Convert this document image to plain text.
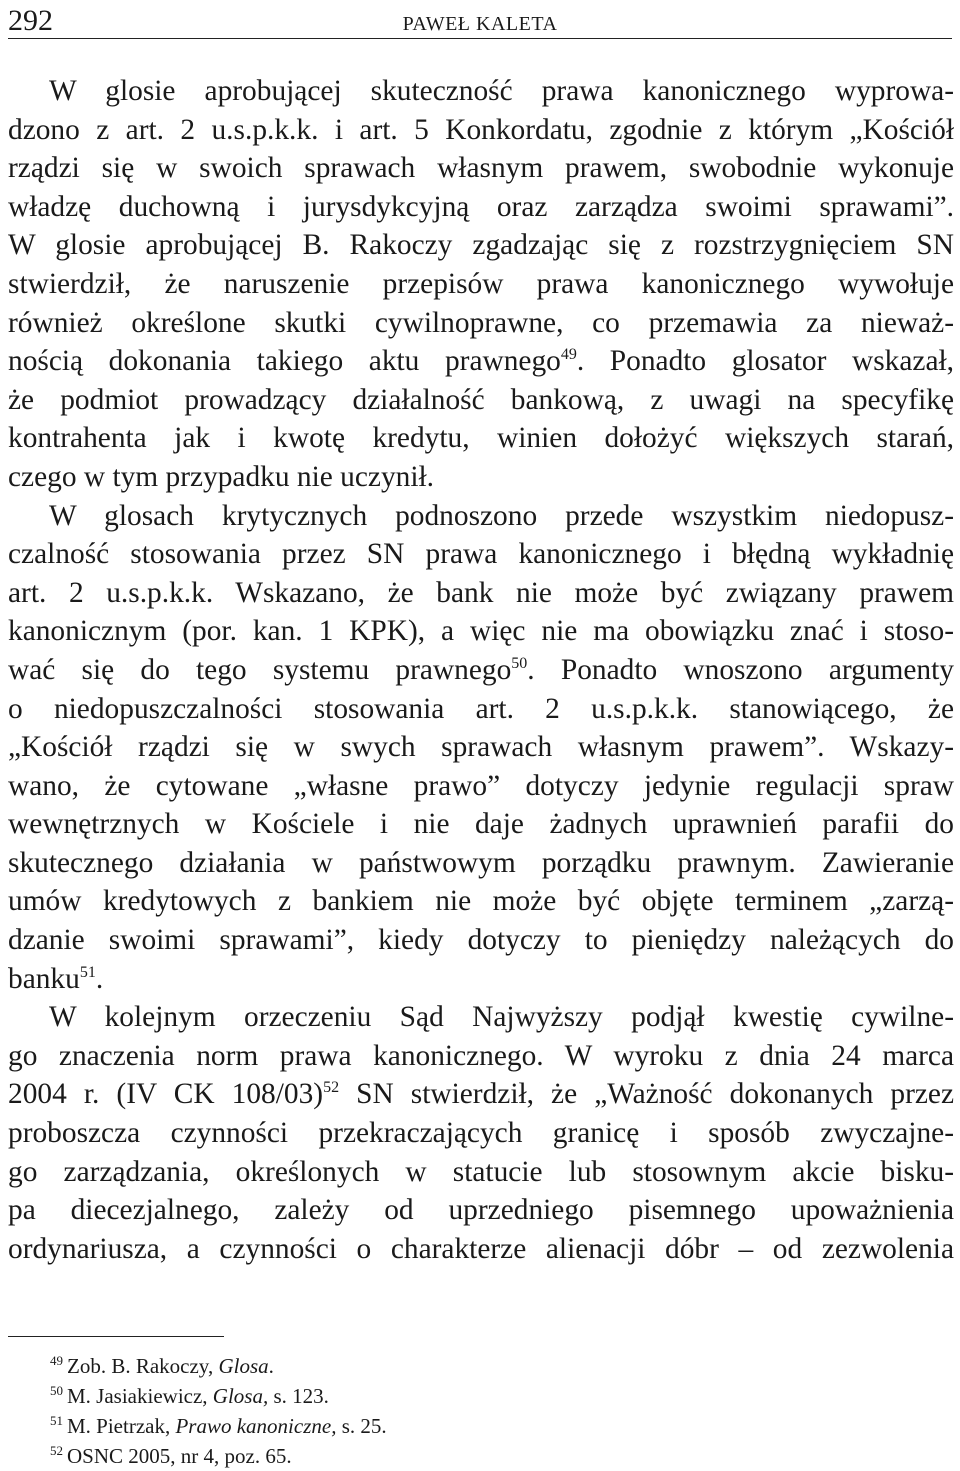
292	PAWEŁ KALETA
W glosie aprobującej skuteczność prawa kanonicznego wyprowa-
dzono z art. 2 u.s.p.k.k. i art. 5 Konkordatu, zgodnie z którym „Kościół
rządzi się w swoich sprawach własnym prawem, swobodnie wykonuje
władzę duchowną i jurysdykcyjną oraz zarządza swoimi sprawami”.
W glosie aprobującej B. Rakoczy zgadzając się z rozstrzygnięciem SN
stwierdził, że naruszenie przepisów prawa kanonicznego wywołuje
również określone skutki cywilnoprawne, co przemawia za nieważ-
nością dokonania takiego aktu prawnego$^{49}$. Ponadto glosator wskazał,
że podmiot prowadzący działalność bankową, z uwagi na specyfikę
kontrahenta jak i kwotę kredytu, winien dołożyć większych starań,
czego w tym przypadku nie uczynił.
W glosach krytycznych podnoszono przede wszystkim niedopusz-
czalność stosowania przez SN prawa kanonicznego i błędną wykładnię
art. 2 u.s.p.k.k. Wskazano, że bank nie może być związany prawem
kanonicznym (por. kan. 1 KPK), a więc nie ma obowiązku znać i stoso-
wać się do tego systemu prawnego$^{50}$. Ponadto wnoszono argumenty
o niedopuszczalności stosowania art. 2 u.s.p.k.k. stanowiącego, że
„Kościół rządzi się w swych sprawach własnym prawem”. Wskazy-
wano, że cytowane „własne prawo” dotyczy jedynie regulacji spraw
wewnętrznych w Kościele i nie daje żadnych uprawnień parafii do
skutecznego działania w państwowym porządku prawnym. Zawieranie
umów kredytowych z bankiem nie może być objęte terminem „zarzą-
dzanie swoimi sprawami”, kiedy dotyczy to pieniędzy należących do
banku$^{51}$.
W kolejnym orzeczeniu Sąd Najwyższy podjął kwestię cywilne-
go znaczenia norm prawa kanonicznego. W wyroku z dnia 24 marca
2004 r. (IV CK 108/03)$^{52}$ SN stwierdził, że „Ważność dokonanych przez
proboszcza czynności przekraczających granicę i sposób zwyczajne-
go zarządzania, określonych w statucie lub stosownym akcie bisku-
pa diecezjalnego, zależy od uprzedniego pisemnego upoważnienia
ordynariusza, a czynności o charakterze alienacji dóbr – od zezwolenia
$^{49}$ Zob. B. Rakoczy, Glosa.
$^{50}$ M. Jasiakiewicz, Glosa, s. 123.
$^{51}$ M. Pietrzak, Prawo kanoniczne, s. 25.
$^{52}$ OSNC 2005, nr 4, poz. 65.
